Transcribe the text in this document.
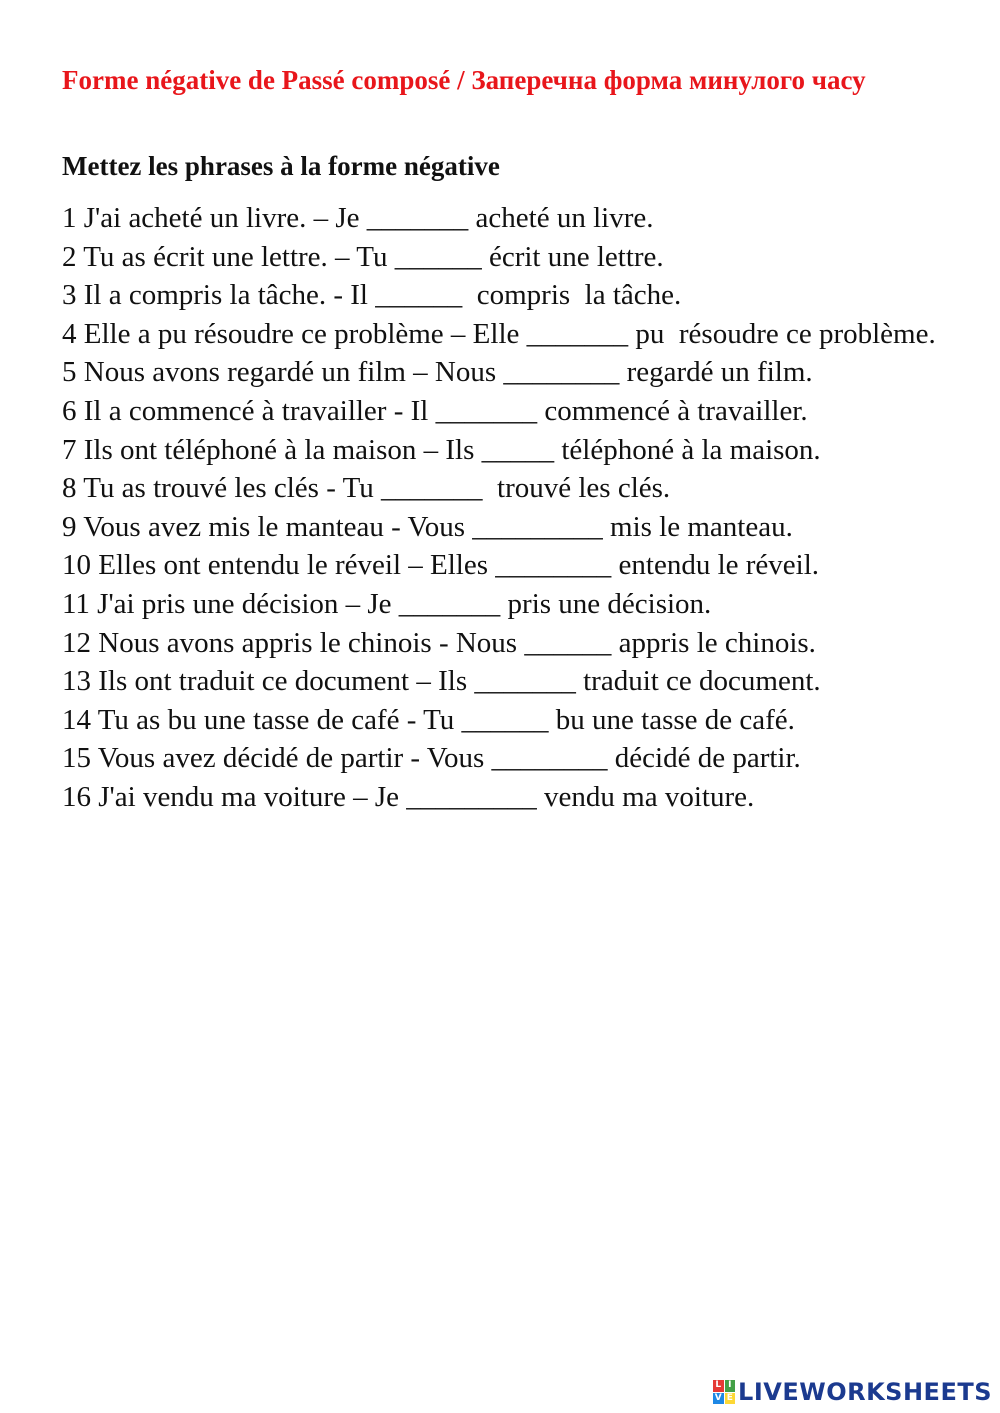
Forme négative de Passé composé / Заперечна форма минулого часу

Mettez les phrases à la forme négative

1 J'ai acheté un livre. – Je _______ acheté un livre.
2 Tu as écrit une lettre. – Tu ______ écrit une lettre.
3 Il a compris la tâche. - Il ______  compris  la tâche.
4 Elle a pu résoudre ce problème – Elle _______ pu  résoudre ce problème.
5 Nous avons regardé un film – Nous ________ regardé un film.
6 Il a commencé à travailler - Il _______ commencé à travailler.
7 Ils ont téléphoné à la maison – Ils _____ téléphoné à la maison.
8 Tu as trouvé les clés - Tu _______  trouvé les clés.
9 Vous avez mis le manteau - Vous _________ mis le manteau.
10 Elles ont entendu le réveil – Elles ________ entendu le réveil.
11 J'ai pris une décision – Je _______ pris une décision.
12 Nous avons appris le chinois - Nous ______ appris le chinois.
13 Ils ont traduit ce document – Ils _______ traduit ce document.
14 Tu as bu une tasse de café - Tu ______ bu une tasse de café.
15 Vous avez décidé de partir - Vous ________ décidé de partir.
16 J'ai vendu ma voiture – Je _________ vendu ma voiture.
L I
V E LIVEWORKSHEETS
